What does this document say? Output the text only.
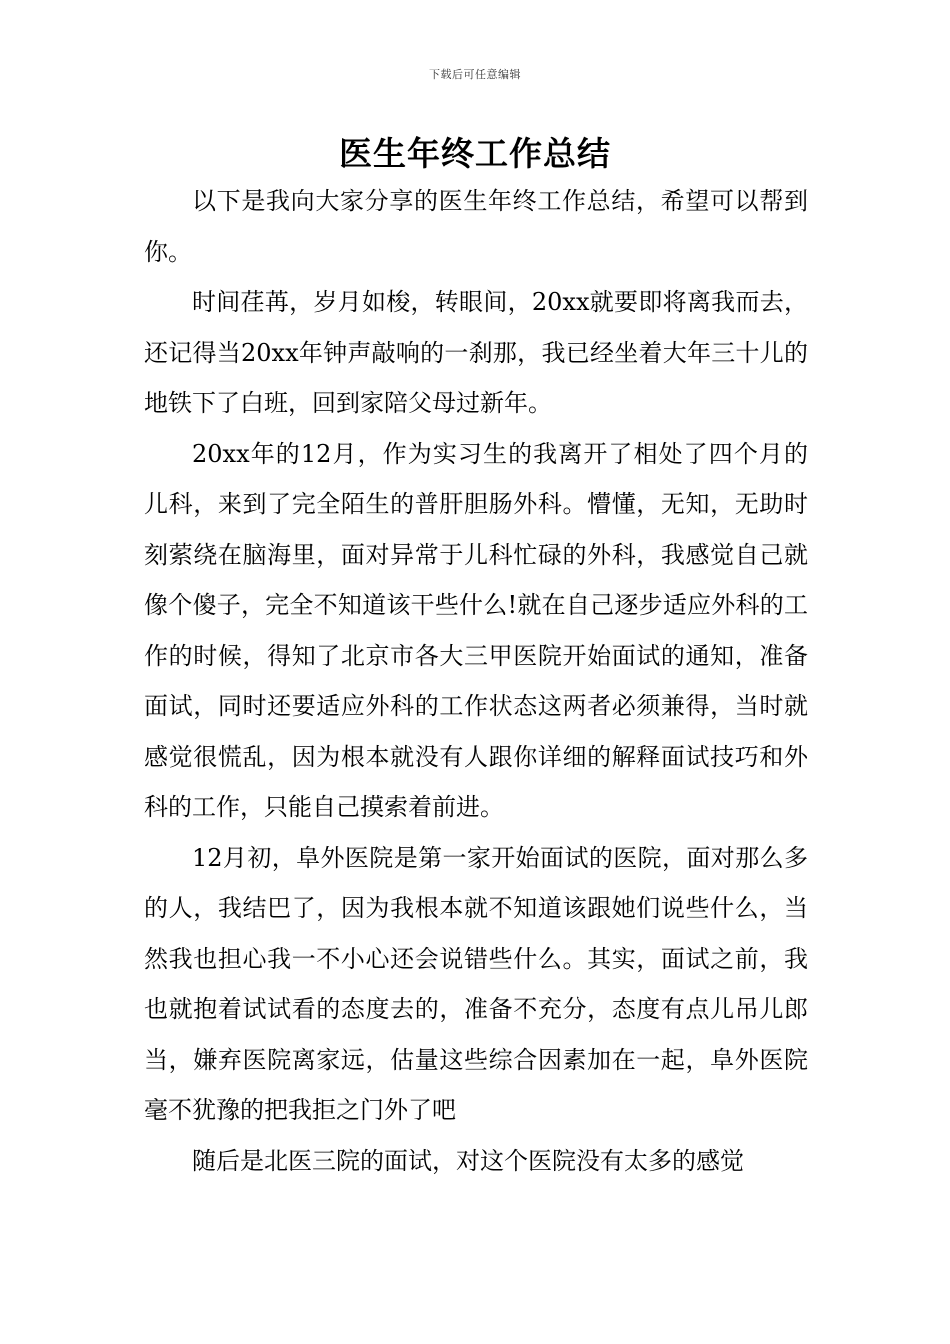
下载后可任意编辑
医生年终工作总结

以下是我向大家分享的医生年终工作总结，希望可以帮到你。

时间荏苒，岁月如梭，转眼间，20xx就要即将离我而去，还记得当20xx年钟声敲响的一刹那，我已经坐着大年三十儿的地铁下了白班，回到家陪父母过新年。

20xx年的12月，作为实习生的我离开了相处了四个月的儿科，来到了完全陌生的普肝胆肠外科。懵懂，无知，无助时刻萦绕在脑海里，面对异常于儿科忙碌的外科，我感觉自己就像个傻子，完全不知道该干些什么!就在自己逐步适应外科的工作的时候，得知了北京市各大三甲医院开始面试的通知，准备面试，同时还要适应外科的工作状态这两者必须兼得，当时就感觉很慌乱，因为根本就没有人跟你详细的解释面试技巧和外科的工作，只能自己摸索着前进。

12月初，阜外医院是第一家开始面试的医院，面对那么多的人，我结巴了，因为我根本就不知道该跟她们说些什么，当然我也担心我一不小心还会说错些什么。其实，面试之前，我也就抱着试试看的态度去的，准备不充分，态度有点儿吊儿郎当，嫌弃医院离家远，估量这些综合因素加在一起，阜外医院毫不犹豫的把我拒之门外了吧

随后是北医三院的面试，对这个医院没有太多的感觉
